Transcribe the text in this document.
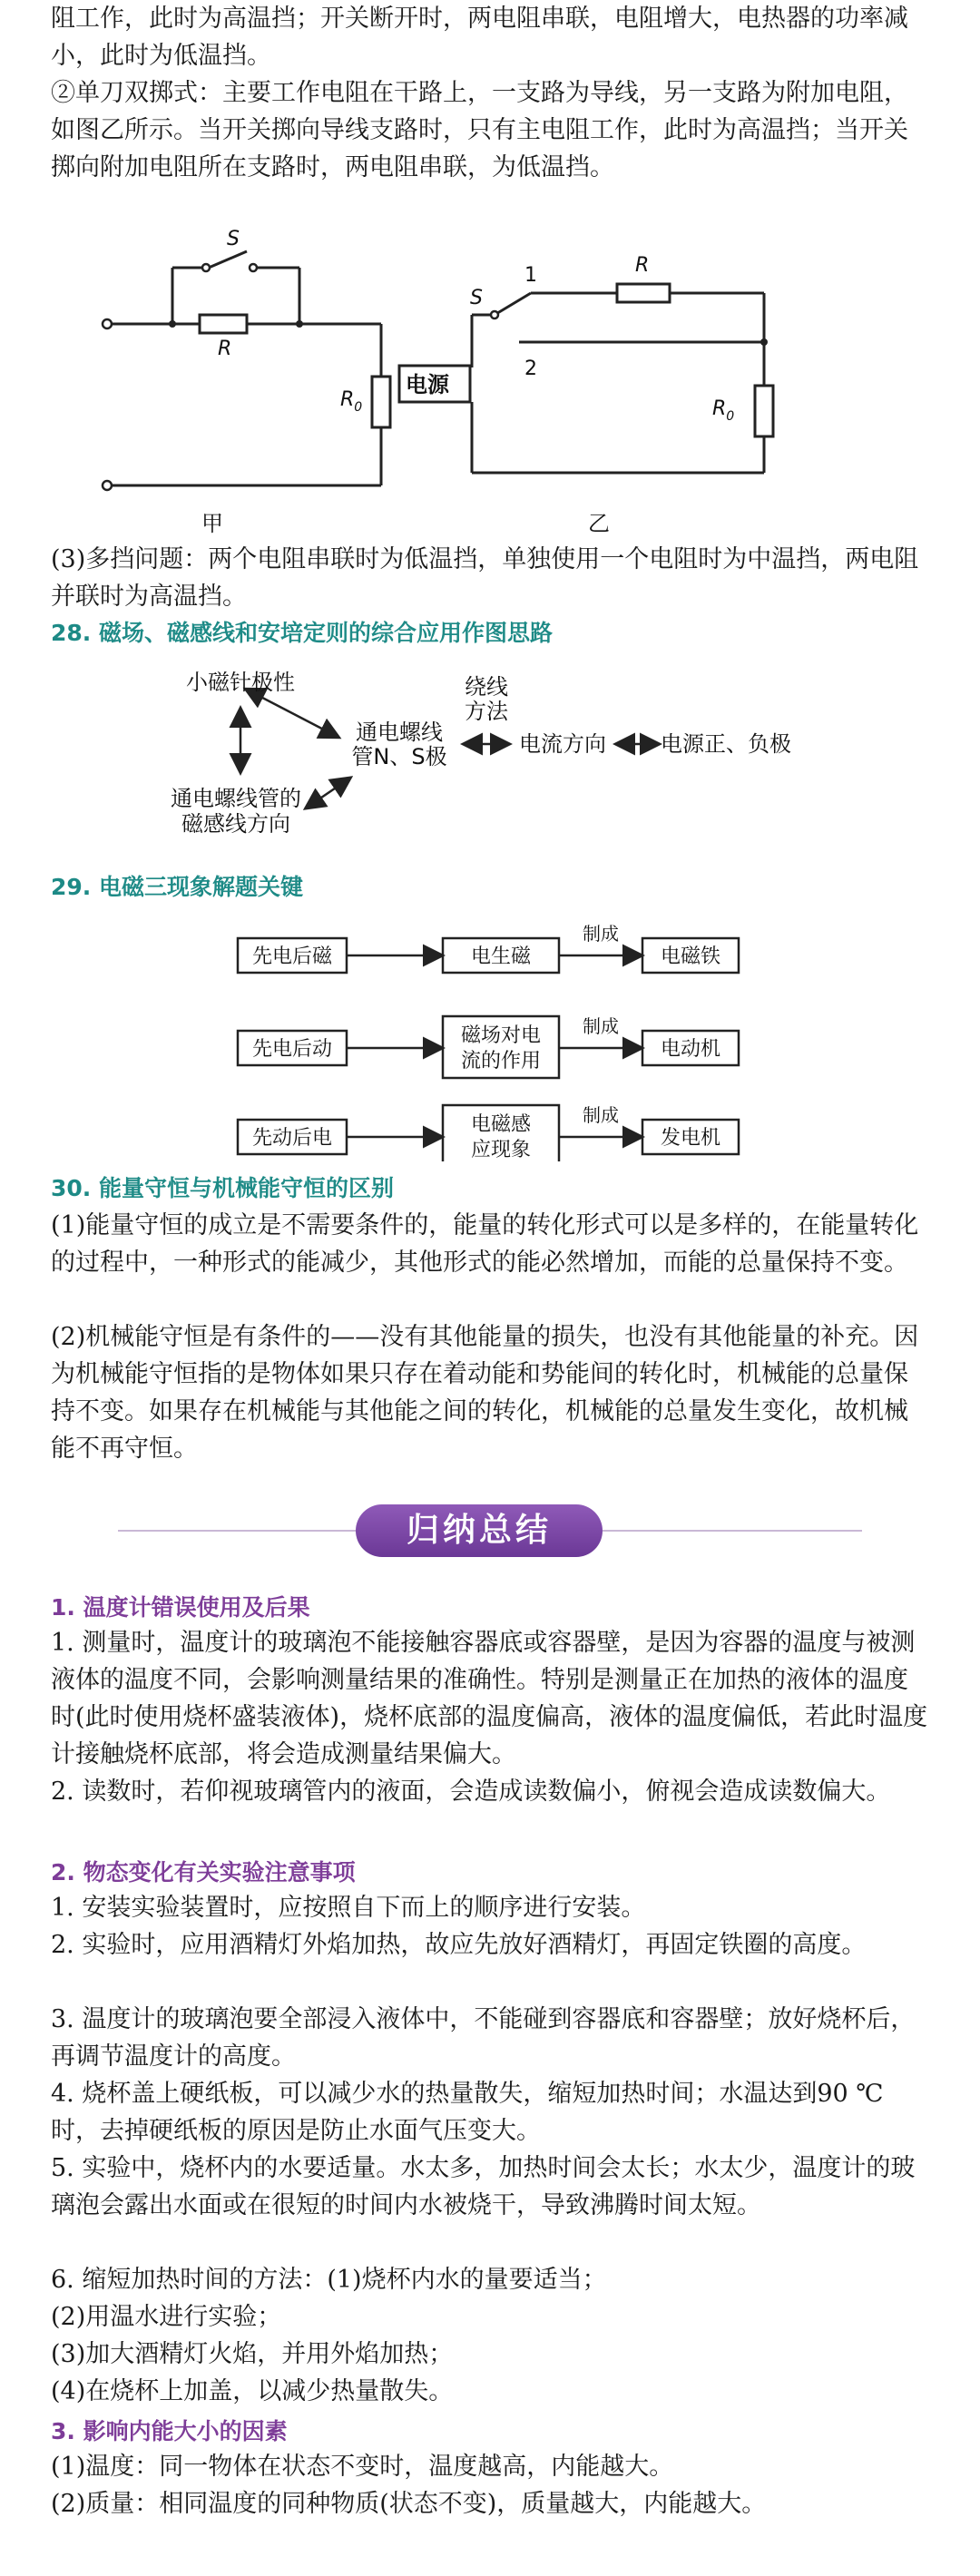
阻工作，此时为高温挡；开关断开时，两电阻串联，电阻增大，电热器的功率减小，此时为低温挡。

②单刀双掷式：主要工作电阻在干路上，一支路为导线，另一支路为附加电阻，如图乙所示。当开关掷向导线支路时，只有主电阻工作，此时为高温挡；当开关掷向附加电阻所在支路时，两电阻串联，为低温挡。

S
R
$R_0$
S
R
$R_0$
1
2
电源
甲	乙

(3)多挡问题：两个电阻串联时为低温挡，单独使用一个电阻时为中温挡，两电阻并联时为高温挡。

28. 磁场、磁感线和安培定则的综合应用作图思路
小磁针极性
通电螺线
管N、S极
绕线
方法
电流方向	电源正、负极
通电螺线管的
磁感线方向
29. 电磁三现象解题关键
先电后磁	电生磁
制成
电磁铁
先电后动
磁场对电
流的作用
制成
电动机
先动后电
电磁感
应现象
制成
发电机
30. 能量守恒与机械能守恒的区别

(1)能量守恒的成立是不需要条件的，能量的转化形式可以是多样的，在能量转化的过程中，一种形式的能减少，其他形式的能必然增加，而能的总量保持不变。

(2)机械能守恒是有条件的——没有其他能量的损失，也没有其他能量的补充。因为机械能守恒指的是物体如果只存在着动能和势能间的转化时，机械能的总量保持不变。如果存在机械能与其他能之间的转化，机械能的总量发生变化，故机械能不再守恒。

归纳总结
1. 温度计错误使用及后果

1. 测量时，温度计的玻璃泡不能接触容器底或容器壁，是因为容器的温度与被测液体的温度不同，会影响测量结果的准确性。特别是测量正在加热的液体的温度时(此时使用烧杯盛装液体)，烧杯底部的温度偏高，液体的温度偏低，若此时温度计接触烧杯底部，将会造成测量结果偏大。

2. 读数时，若仰视玻璃管内的液面，会造成读数偏小，俯视会造成读数偏大。

2. 物态变化有关实验注意事项

1. 安装实验装置时，应按照自下而上的顺序进行安装。

2. 实验时，应用酒精灯外焰加热，故应先放好酒精灯，再固定铁圈的高度。

3. 温度计的玻璃泡要全部浸入液体中，不能碰到容器底和容器壁；放好烧杯后，再调节温度计的高度。

4. 烧杯盖上硬纸板，可以减少水的热量散失，缩短加热时间；水温达到90 ℃时，去掉硬纸板的原因是防止水面气压变大。

5. 实验中，烧杯内的水要适量。水太多，加热时间会太长；水太少，温度计的玻璃泡会露出水面或在很短的时间内水被烧干，导致沸腾时间太短。

6. 缩短加热时间的方法：(1)烧杯内水的量要适当；

(2)用温水进行实验；

(3)加大酒精灯火焰，并用外焰加热；

(4)在烧杯上加盖，以减少热量散失。

3. 影响内能大小的因素

(1)温度：同一物体在状态不变时，温度越高，内能越大。

(2)质量：相同温度的同种物质(状态不变)，质量越大，内能越大。
